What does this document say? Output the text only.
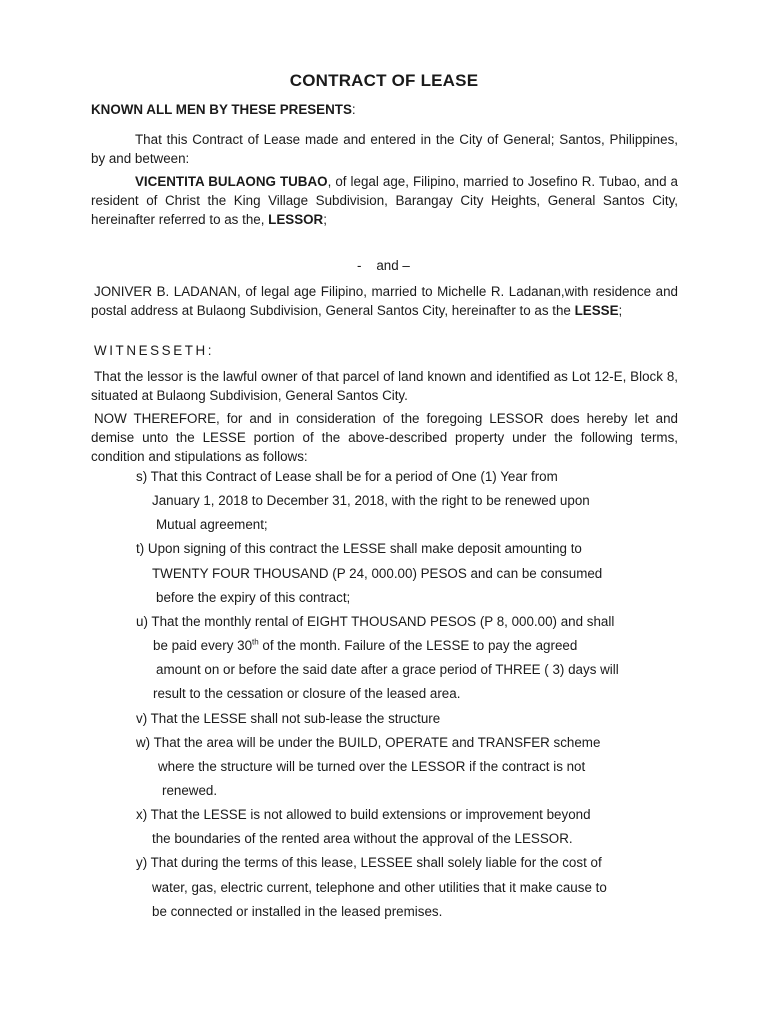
CONTRACT OF LEASE
KNOWN ALL MEN BY THESE PRESENTS:

That this Contract of Lease made and entered in the City of General; Santos, Philippines, by and between:

VICENTITA BULAONG TUBAO, of legal age, Filipino, married to Josefino R. Tubao, and a resident of Christ the King Village Subdivision, Barangay City Heights, General Santos City, hereinafter referred to as the, LESSOR;

-    and –

JONIVER B. LADANAN, of legal age Filipino, married to Michelle R. Ladanan,with residence and postal address at Bulaong Subdivision, General Santos City, hereinafter to as the LESSE;

WITNESSETH:

That the lessor is the lawful owner of that parcel of land known and identified as Lot 12-E, Block 8, situated at Bulaong Subdivision, General Santos City.

NOW THEREFORE, for and in consideration of the foregoing LESSOR does hereby let and demise unto the LESSE portion of the above-described property under the following terms, condition and stipulations as follows:

s) That this Contract of Lease shall be for a period of One (1) Year from
January 1, 2018 to December 31, 2018, with the right to be renewed upon
Mutual agreement;
t) Upon signing of this contract the LESSE shall make deposit amounting to
TWENTY FOUR THOUSAND (P 24, 000.00) PESOS and can be consumed
before the expiry of this contract;
u) That the monthly rental of EIGHT THOUSAND PESOS (P 8, 000.00) and shall
be paid every 30th of the month. Failure of the LESSE to pay the agreed
amount on or before the said date after a grace period of THREE ( 3) days will
result to the cessation or closure of the leased area.
v) That the LESSE shall not sub-lease the structure
w) That the area will be under the BUILD, OPERATE and TRANSFER scheme
where the structure will be turned over the LESSOR if the contract is not
renewed.
x) That the LESSE is not allowed to build extensions or improvement beyond
the boundaries of the rented area without the approval of the LESSOR.
y) That during the terms of this lease, LESSEE shall solely liable for the cost of
water, gas, electric current, telephone and other utilities that it make cause to
be connected or installed in the leased premises.
